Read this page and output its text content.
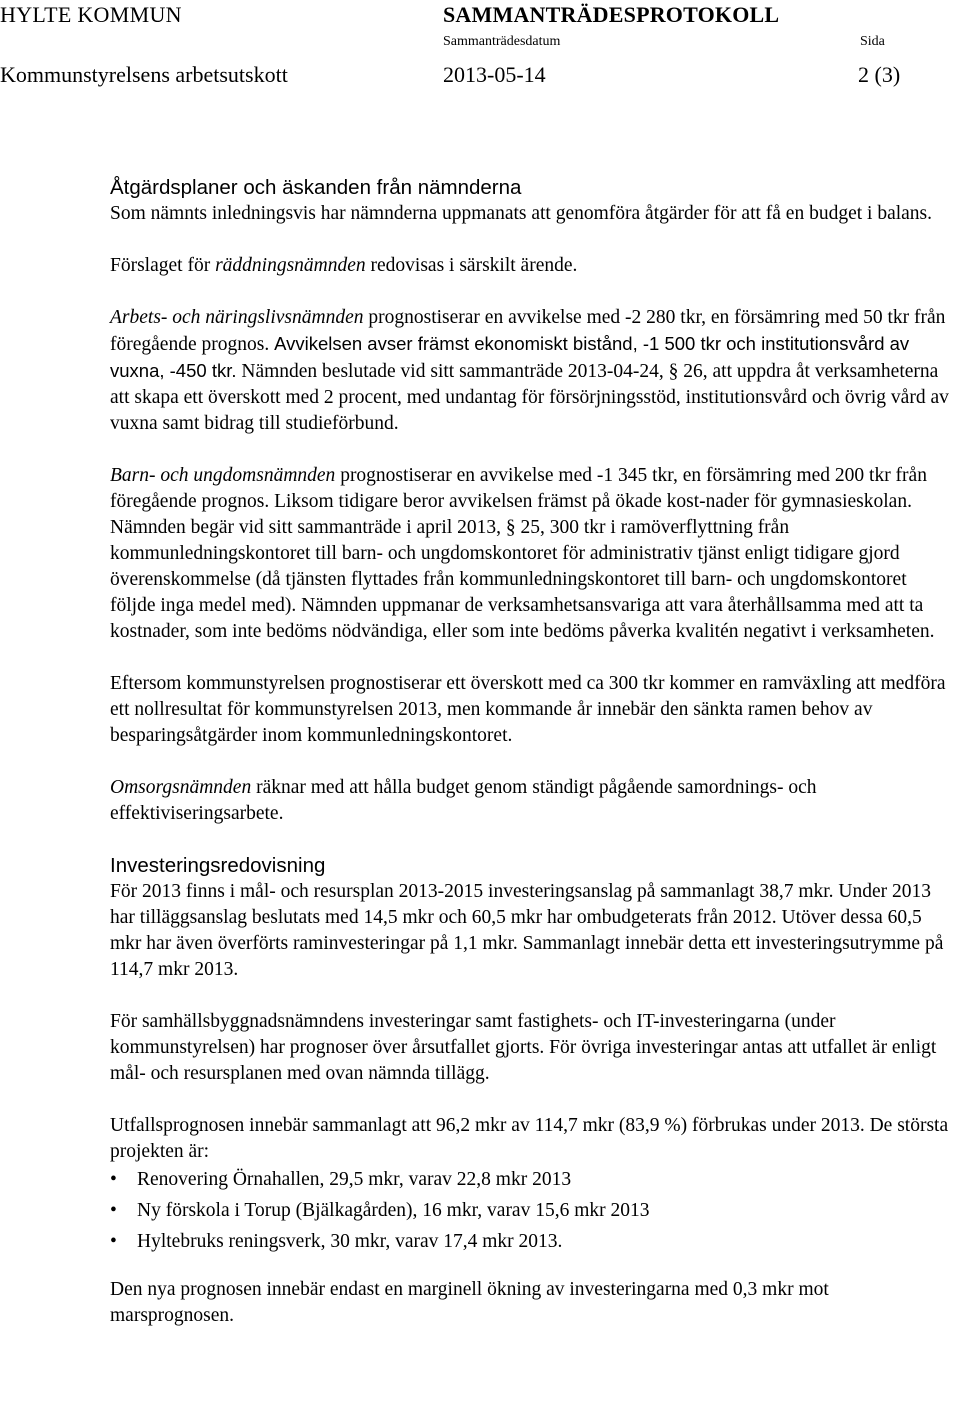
HYLTE KOMMUN	SAMMANTRÄDESPROTOKOLL
Sammanträdesdatum	Sida
Kommunstyrelsens arbetsutskott	2013-05-14	2 (3)
Åtgärdsplaner och äskanden från nämnderna

Som nämnts inledningsvis har nämnderna uppmanats att genomföra åtgärder för att få en budget i balans.

Förslaget för räddningsnämnden redovisas i särskilt ärende.

Arbets- och näringslivsnämnden prognostiserar en avvikelse med -2 280 tkr, en försämring med 50 tkr från föregående prognos. Avvikelsen avser främst ekonomiskt bistånd, -1 500 tkr och institutionsvård av vuxna, -450 tkr. Nämnden beslutade vid sitt sammanträde 2013-04-24, § 26, att uppdra åt verksamheterna att skapa ett överskott med 2 procent, med undantag för försörjningsstöd, institutionsvård och övrig vård av vuxna samt bidrag till studieförbund.

Barn- och ungdomsnämnden prognostiserar en avvikelse med -1 345 tkr, en försämring med 200 tkr från föregående prognos. Liksom tidigare beror avvikelsen främst på ökade kost-nader för gymnasieskolan. Nämnden begär vid sitt sammanträde i april 2013, § 25, 300 tkr i ramöverflyttning från kommunledningskontoret till barn- och ungdomskontoret för administrativ tjänst enligt tidigare gjord överenskommelse (då tjänsten flyttades från kommunledningskontoret till barn- och ungdomskontoret följde inga medel med). Nämnden uppmanar de verksamhetsansvariga att vara återhållsamma med att ta kostnader, som inte bedöms nödvändiga, eller som inte bedöms påverka kvalitén negativt i verksamheten.

Eftersom kommunstyrelsen prognostiserar ett överskott med ca 300 tkr kommer en ramväxling att medföra ett nollresultat för kommunstyrelsen 2013, men kommande år innebär den sänkta ramen behov av besparingsåtgärder inom kommunledningskontoret.

Omsorgsnämnden räknar med att hålla budget genom ständigt pågående samordnings- och effektiviseringsarbete.

Investeringsredovisning

För 2013 finns i mål- och resursplan 2013-2015 investeringsanslag på sammanlagt 38,7 mkr. Under 2013 har tilläggsanslag beslutats med 14,5 mkr och 60,5 mkr har ombudgeterats från 2012. Utöver dessa 60,5 mkr har även överförts raminvesteringar på 1,1 mkr. Sammanlagt innebär detta ett investeringsutrymme på 114,7 mkr 2013.

För samhällsbyggnadsnämndens investeringar samt fastighets- och IT-investeringarna (under kommunstyrelsen) har prognoser över årsutfallet gjorts. För övriga investeringar antas att utfallet är enligt mål- och resursplanen med ovan nämnda tillägg.

Utfallsprognosen innebär sammanlagt att 96,2 mkr av 114,7 mkr (83,9 %) förbrukas under 2013. De största projekten är:

• Renovering Örnahallen, 29,5 mkr, varav 22,8 mkr 2013
• Ny förskola i Torup (Bjälkagården), 16 mkr, varav 15,6 mkr 2013
• Hyltebruks reningsverk, 30 mkr, varav 17,4 mkr 2013.

Den nya prognosen innebär endast en marginell ökning av investeringarna med 0,3 mkr mot marsprognosen.
